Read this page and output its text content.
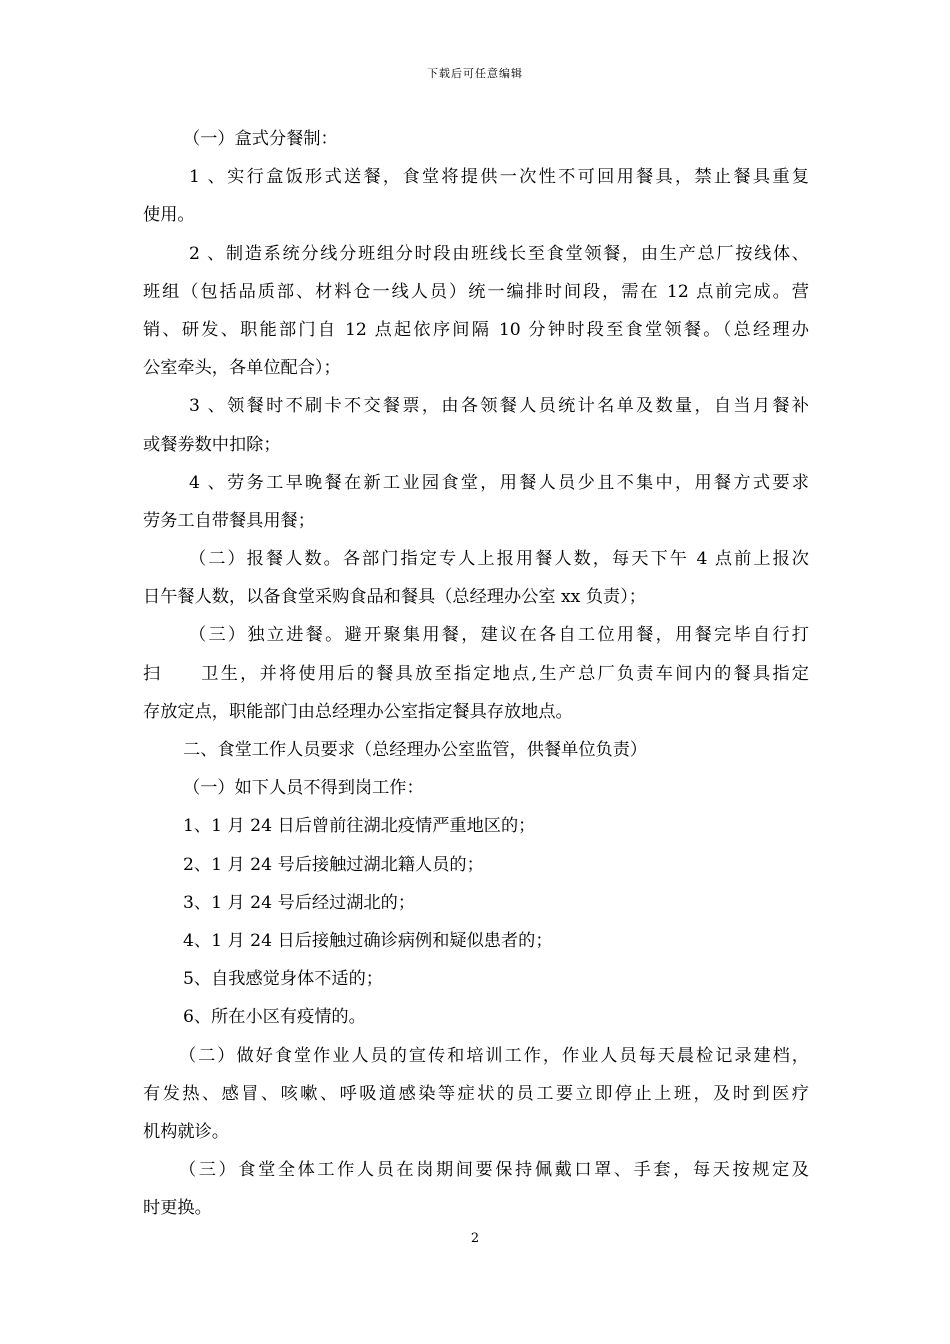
下载后可任意编辑
（一）盒式分餐制：
1 、实行盒饭形式送餐，食堂将提供一次性不可回用餐具，禁止餐具重复
使用。
2 、制造系统分线分班组分时段由班线长至食堂领餐，由生产总厂按线体、
班组（包括品质部、材料仓一线人员）统一编排时间段，需在 12 点前完成。营
销、研发、职能部门自 12 点起依序间隔 10 分钟时段至食堂领餐。（总经理办
公室牵头，各单位配合）；
3 、领餐时不刷卡不交餐票，由各领餐人员统计名单及数量，自当月餐补
或餐劵数中扣除；
4 、劳务工早晚餐在新工业园食堂，用餐人员少且不集中，用餐方式要求
劳务工自带餐具用餐；
（二）报餐人数。各部门指定专人上报用餐人数，每天下午 4 点前上报次
日午餐人数，以备食堂采购食品和餐具（总经理办公室 xx 负责）；
（三）独立进餐。避开聚集用餐，建议在各自工位用餐，用餐完毕自行打
扫　　卫生，并将使用后的餐具放至指定地点,生产总厂负责车间内的餐具指定
存放定点，职能部门由总经理办公室指定餐具存放地点。
二、食堂工作人员要求（总经理办公室监管，供餐单位负责）
（一）如下人员不得到岗工作：
1、1 月 24 日后曾前往湖北疫情严重地区的；
2、1 月 24 号后接触过湖北籍人员的；
3、1 月 24 号后经过湖北的；
4、1 月 24 日后接触过确诊病例和疑似患者的；
5、自我感觉身体不适的；
6、所在小区有疫情的。
（二）做好食堂作业人员的宣传和培训工作，作业人员每天晨检记录建档，
有发热、感冒、咳嗽、呼吸道感染等症状的员工要立即停止上班，及时到医疗
机构就诊。
（三）食堂全体工作人员在岗期间要保持佩戴口罩、手套，每天按规定及
时更换。
2
